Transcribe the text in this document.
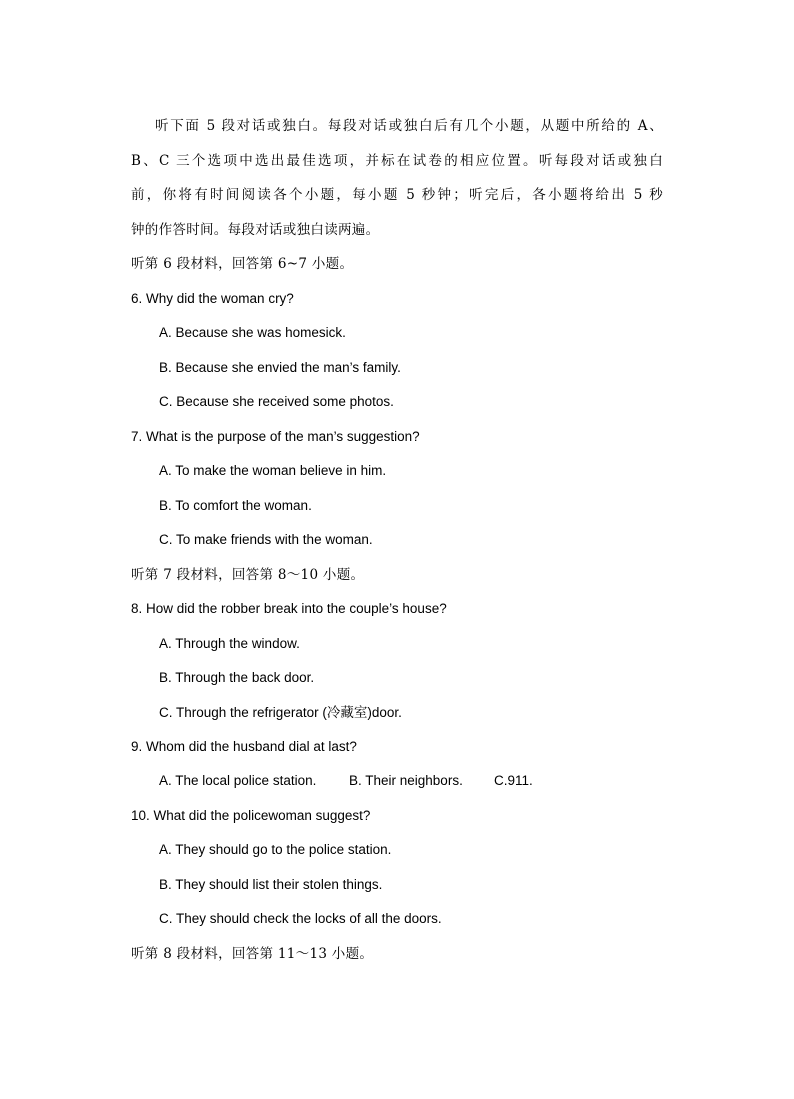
听下面 5 段对话或独白。每段对话或独白后有几个小题，从题中所给的 A、
B、C 三个选项中选出最佳选项，并标在试卷的相应位置。听每段对话或独白
前，你将有时间阅读各个小题，每小题 5 秒钟；听完后，各小题将给出 5 秒
钟的作答时间。每段对话或独白读两遍。
听第 6 段材料，回答第 6~7 小题。
6. Why did the woman cry?
A. Because she was homesick.
B. Because she envied the man’s family.
C. Because she received some photos.
7. What is the purpose of the man’s suggestion?
A. To make the woman believe in him.
B. To comfort the woman.
C. To make friends with the woman.
听第 7 段材料，回答第 8～10 小题。
8. How did the robber break into the couple’s house?
A. Through the window.
B. Through the back door.
C. Through the refrigerator (冷藏室)door.
9. Whom did the husband dial at last?
A. The local police station. B. Their neighbors. C.911.
10. What did the policewoman suggest?
A. They should go to the police station.
B. They should list their stolen things.
C. They should check the locks of all the doors.
听第 8 段材料，回答第 11～13 小题。
